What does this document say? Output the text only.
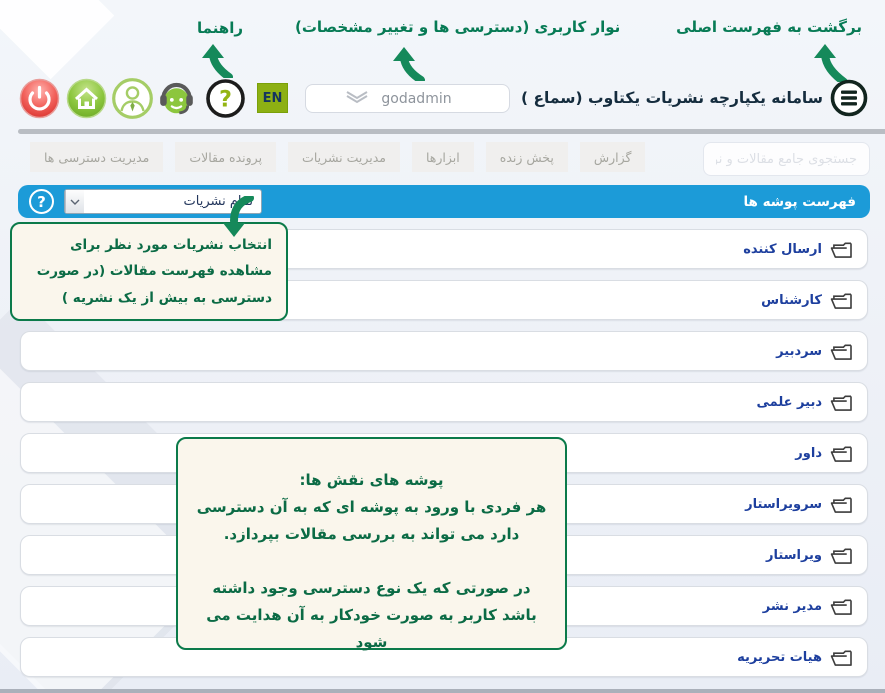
برگشت به فهرست اصلی
نوار کاربری (دسترسی ها و تغییر مشخصات)
راهنما
سامانه یکپارچه نشریات یکتاوب (سماع )
godadmin
EN
?
جستجوی جامع مقالات و نویسندگان و کاربران
گزارش
پخش زنده
ابزارها
مدیریت نشریات
پرونده مقالات
مدیریت دسترسی ها
فهرست پوشه ها
?	تمام نشریات
ارسال کننده
کارشناس
سردبیر
دبیر علمی
داور
سرویراستار
ویراستار
مدیر نشر
هیات تحریریه
انتخاب نشریات مورد نظر برای مشاهده فهرست مقالات (در صورت دسترسی به بیش از یک نشریه )
پوشه های نقش ها:
هر فردی با ورود به پوشه ای که به آن دسترسی دارد می تواند به بررسی مقالات بپردازد.
در صورتی که یک نوع دسترسی وجود داشته باشد کاربر به صورت خودکار به آن هدایت می شود
